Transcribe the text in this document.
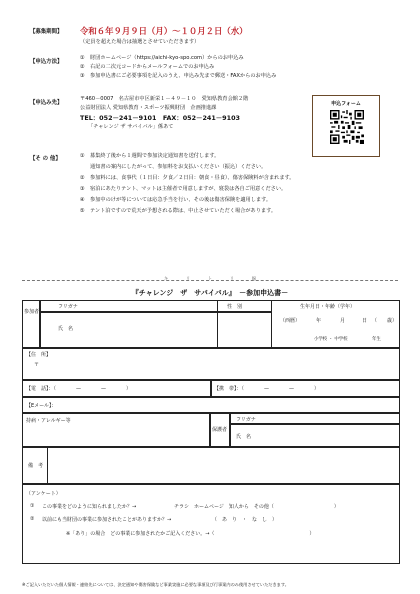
【募集期間】 令和６年９月９日（月）～１０月２日（水）
（定員を超えた場合は抽選とさせていただきます）
【申込方法】
① 財団ホームページ（https://aichi-kyo-spo.com）からのお申込み
② 右記の二次元コードからメールフォームでのお申込み
③ 参加申込書にご必要事項を記入のうえ、申込み先まで郵送・FAXからのお申込み
【申込み先】
〒460－0007　名古屋市中区新栄１－４９－１０　愛知県教育会館２階
公益財団法人 愛知県教育・スポーツ振興財団　企画推進課
TEL：052－241－9101　FAX：052－241－9103
「チャレンジ ザ サバイバル」係あて
申込フォーム
【そ の 他】	① 募集終了後から１週間で参加決定通知書を送付します。
通知書の案内にしたがって、参加料をお支払いください（振込）ください。
② 参加料には、食事代（１日目：夕食／２日目：朝食・昼食）、傷害保険料が含まれます。
③ 宿泊にあたりテント、マットは主催者で用意しますが、寝袋は各自ご用意ください。
④ 参加中のけが等については応急手当を行い、その後は傷害保険を適用します。
⑤ テント泊ですので荒天が予想される際は、中止させていただく場合があります。
キ　　　　リ　　　　ト　　　　リ　　　　線
『チャレンジ　ザ　サバイバル』　－参加申込書－
参加者
フリガナ
氏　名
性　別	生年月日・年齢（学年）
（西暦）	年	月	日 （　　歳）
小学校 ・ 中学校	年生
【住　所】
〒
【電　話】：（　　　　—　　　　—　　　　）	【携　帯】：（　　　　—　　　　—　　　　）
【Eメール】：
持病・アレルギー等
保護者
フリガナ
氏　名
備　考
（アンケート）
① この事業をどのように知られましたか？→	チラシ　ホームページ　知人から　その他（　　　　　　　　　　　　）
② 以前にも当財団の事業に参加されたことがありますか？→	（　あ　り　・　な　し　）
※「あり」の場合　どの事業に参加されたかご記入ください。→（　　　　　　　　　　　　　　　　　　　）
※ご記入いただいた個人情報・連絡先については、決定通知や傷害保険など事業実施に必要な事項及び行事案内のみ使用させていただきます。
